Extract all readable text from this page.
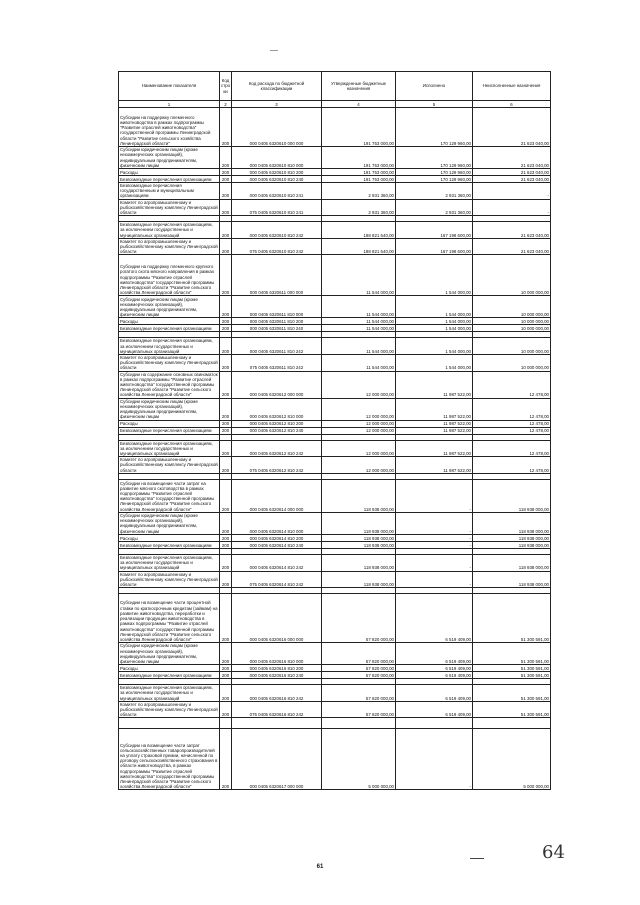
Наименование показателя	Код стро ки	Код расхода по бюджетной классификации	Утвержденные бюджетные назначения	Исполнено	Неисполненные назначения
1	2	3	4	5	6
Субсидии на поддержку племенного животноводства в рамках подпрограммы "Развитие отраслей животноводства" государственной программы Ленинградской области "Развитие сельского хозяйства Ленинградской области"	200	000 0405 6320610 000 000	191 753 000,00	170 129 960,00	21 623 040,00
Субсидии юридическим лицам (кроме некоммерческих организаций), индивидуальным предпринимателям, физическим лицам	200	000 0405 6320610 810 000	191 753 000,00	170 129 960,00	21 623 040,00
Расходы	200	000 0405 6320610 810 200	191 753 000,00	170 129 960,00	21 623 040,00
Безвозмездные перечисления организациям	200	000 0405 6320610 810 240	191 753 000,00	170 129 960,00	21 623 040,00
Безвозмездные перечисления государственным и муниципальным организациям	200	000 0405 6320610 810 241	2 931 360,00	2 931 360,00	-
Комитет по агропромышленному и рыбохозяйственному комплексу Ленинградской области	200	075 0405 6320610 810 241	2 931 360,00	2 931 360,00	-

Безвозмездные перечисления организациям, за исключением государственных и муниципальных организаций	200	000 0405 6320610 810 242	188 821 640,00	167 198 600,00	21 623 040,00
Комитет по агропромышленному и рыбохозяйственному комплексу Ленинградской области	200	075 0405 6320610 810 242	188 821 640,00	167 198 600,00	21 623 040,00
Субсидии на поддержку племенного крупного рогатого скота мясного направления в рамках подпрограммы "Развитие отраслей животноводства" государственной программы Ленинградской области "Развитие сельского хозяйства Ленинградской области"	200	000 0405 6320611 000 000	11 544 000,00	1 544 000,00	10 000 000,00
Субсидии юридическим лицам (кроме некоммерческих организаций), индивидуальным предпринимателям, физическим лицам	200	000 0405 6320611 810 000	11 544 000,00	1 544 000,00	10 000 000,00
Расходы	200	000 0405 6320611 810 200	11 544 000,00	1 544 000,00	10 000 000,00
Безвозмездные перечисления организациям	200	000 0405 6320611 810 240	11 544 000,00	1 544 000,00	10 000 000,00

Безвозмездные перечисления организациям, за исключением государственных и муниципальных организаций	200	000 0405 6320611 810 242	11 544 000,00	1 544 000,00	10 000 000,00
Комитет по агропромышленному и рыбохозяйственному комплексу Ленинградской области	200	075 0405 6320611 810 242	11 544 000,00	1 544 000,00	10 000 000,00
Субсидии на содержание основных свиноматок в рамках подпрограммы "Развитие отраслей животноводства" государственной программы Ленинградской области "Развитие сельского хозяйства Ленинградской области"	200	000 0405 6320612 000 000	12 000 000,00	11 987 522,00	12 478,00
Субсидии юридическим лицам (кроме некоммерческих организаций), индивидуальным предпринимателям, физическим лицам	200	000 0405 6320612 810 000	12 000 000,00	11 987 522,00	12 478,00
Расходы	200	000 0405 6320612 810 200	12 000 000,00	11 987 522,00	12 478,00
Безвозмездные перечисления организациям	200	000 0405 6320612 810 240	12 000 000,00	11 987 522,00	12 478,00

Безвозмездные перечисления организациям, за исключением государственных и муниципальных организаций	200	000 0405 6320612 810 242	12 000 000,00	11 987 522,00	12 478,00
Комитет по агропромышленному и рыбохозяйственному комплексу Ленинградской области	200	075 0405 6320612 810 242	12 000 000,00	11 987 522,00	12 478,00

Субсидии на возмещение части затрат на развитие мясного скотоводства в рамках подпрограммы "Развитие отраслей животноводства" государственной программы Ленинградской области "Развитие сельского хозяйства Ленинградской области"	200	000 0405 6320614 000 000	118 938 000,00	-	118 938 000,00
Субсидии юридическим лицам (кроме некоммерческих организаций), индивидуальным предпринимателям, физическим лицам	200	000 0405 6320614 810 000	118 938 000,00	-	118 938 000,00
Расходы	200	000 0405 6320614 810 200	118 938 000,00	-	118 938 000,00
Безвозмездные перечисления организациям	200	000 0405 6320614 810 240	118 938 000,00	-	118 938 000,00

Безвозмездные перечисления организациям, за исключением государственных и муниципальных организаций	200	000 0405 6320614 810 242	118 938 000,00	-	118 938 000,00
Комитет по агропромышленному и рыбохозяйственному комплексу Ленинградской области	200	075 0405 6320614 810 242	118 938 000,00	-	118 938 000,00

Субсидии на возмещение части процентной ставки по краткосрочным кредитам (займам) на развитие животноводства, переработки и реализации продукции животноводства в рамках подпрограммы "Развитие отраслей животноводства" государственной программы Ленинградской области "Развитие сельского хозяйства Ленинградской области"	200	000 0405 6320616 000 000	57 820 000,00	6 519 409,00	51 300 591,00
Субсидии юридическим лицам (кроме некоммерческих организаций), индивидуальным предпринимателям, физическим лицам	200	000 0405 6320616 810 000	57 820 000,00	6 519 409,00	51 300 591,00
Расходы	200	000 0405 6320616 810 200	57 820 000,00	6 519 409,00	51 300 591,00
Безвозмездные перечисления организациям	200	000 0405 6320616 810 240	57 820 000,00	6 519 409,00	51 300 591,00

Безвозмездные перечисления организациям, за исключением государственных и муниципальных организаций	200	000 0405 6320616 810 242	57 820 000,00	6 519 409,00	51 300 591,00
Комитет по агропромышленному и рыбохозяйственному комплексу Ленинградской области	200	075 0405 6320616 810 242	57 820 000,00	6 519 409,00	51 300 591,00

Субсидии на возмещение части затрат сельскохозяйственных товаропроизводителей на уплату страховой премии, начисленной по договору сельскохозяйственного страхования в области животноводства, в рамках подпрограммы "Развитие отраслей животноводства" государственной программы Ленинградской области "Развитие сельского хозяйства Ленинградской области"	200	000 0405 6320617 000 000	5 000 000,00	-	5 000 000,00
61
64
